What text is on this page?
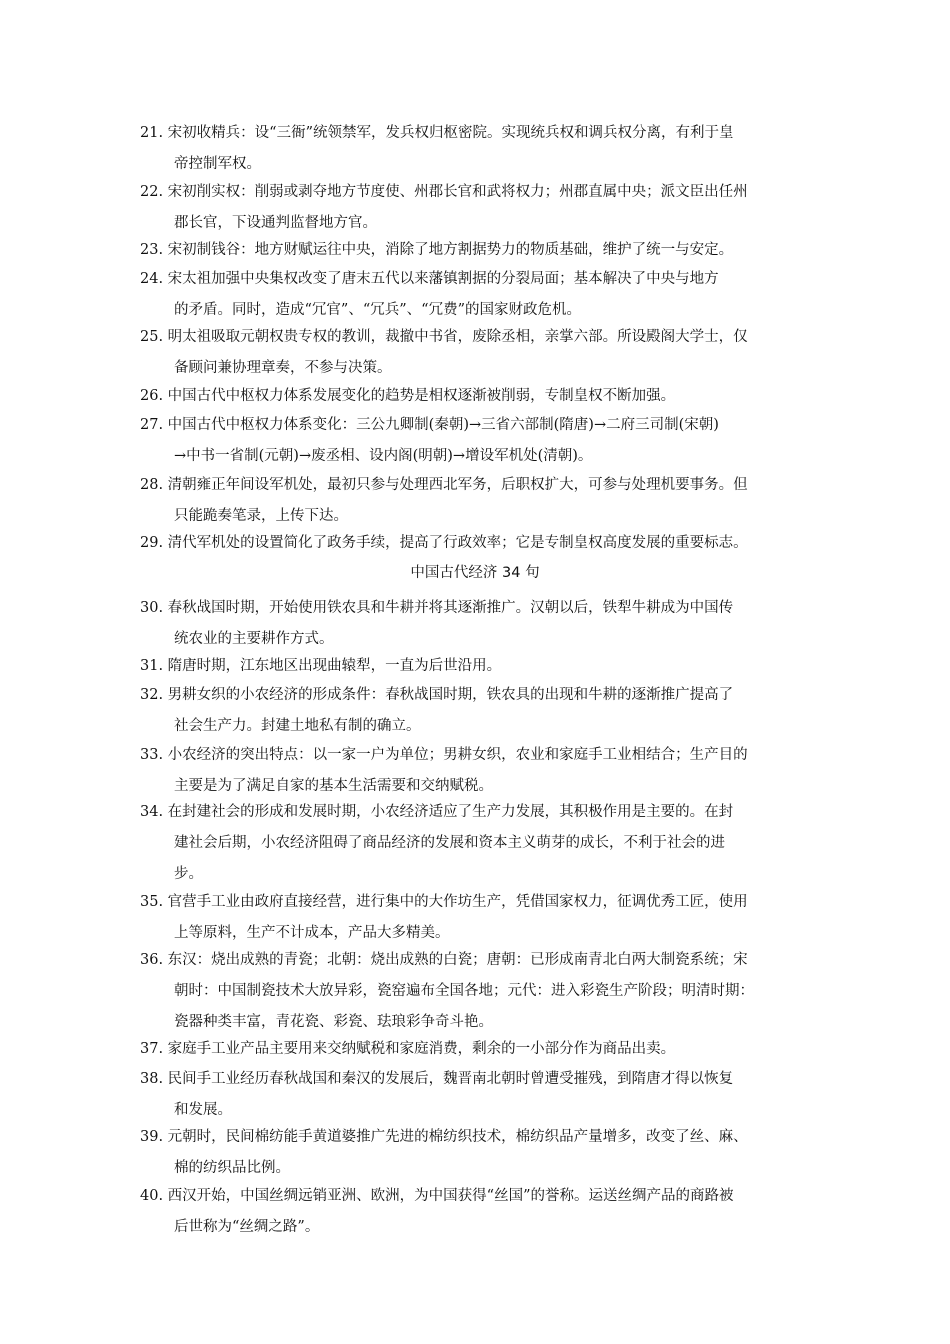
21. 宋初收精兵：设“三衙”统领禁军，发兵权归枢密院。实现统兵权和调兵权分离，有利于皇
帝控制军权。
22. 宋初削实权：削弱或剥夺地方节度使、州郡长官和武将权力；州郡直属中央；派文臣出任州
郡长官，下设通判监督地方官。
23. 宋初制钱谷：地方财赋运往中央，消除了地方割据势力的物质基础，维护了统一与安定。
24. 宋太祖加强中央集权改变了唐末五代以来藩镇割据的分裂局面；基本解决了中央与地方
的矛盾。同时，造成“冗官”、“冗兵”、“冗费”的国家财政危机。
25. 明太祖吸取元朝权贵专权的教训，裁撤中书省，废除丞相，亲掌六部。所设殿阁大学士，仅
备顾问兼协理章奏，不参与决策。
26. 中国古代中枢权力体系发展变化的趋势是相权逐渐被削弱，专制皇权不断加强。
27. 中国古代中枢权力体系变化：三公九卿制(秦朝)→三省六部制(隋唐)→二府三司制(宋朝)
→中书一省制(元朝)→废丞相、设内阁(明朝)→增设军机处(清朝)。
28. 清朝雍正年间设军机处，最初只参与处理西北军务，后职权扩大，可参与处理机要事务。但
只能跪奏笔录，上传下达。
29. 清代军机处的设置简化了政务手续，提高了行政效率；它是专制皇权高度发展的重要标志。
30. 春秋战国时期，开始使用铁农具和牛耕并将其逐渐推广。汉朝以后，铁犁牛耕成为中国传
统农业的主要耕作方式。
31. 隋唐时期，江东地区出现曲辕犁，一直为后世沿用。
32. 男耕女织的小农经济的形成条件：春秋战国时期，铁农具的出现和牛耕的逐渐推广提高了
社会生产力。封建土地私有制的确立。
33. 小农经济的突出特点：以一家一户为单位；男耕女织，农业和家庭手工业相结合；生产目的
主要是为了满足自家的基本生活需要和交纳赋税。
34. 在封建社会的形成和发展时期，小农经济适应了生产力发展，其积极作用是主要的。在封
建社会后期，小农经济阻碍了商品经济的发展和资本主义萌芽的成长，不利于社会的进
步。
35. 官营手工业由政府直接经营，进行集中的大作坊生产，凭借国家权力，征调优秀工匠，使用
上等原料，生产不计成本，产品大多精美。
36. 东汉：烧出成熟的青瓷；北朝：烧出成熟的白瓷；唐朝：已形成南青北白两大制瓷系统；宋
朝时：中国制瓷技术大放异彩，瓷窑遍布全国各地；元代：进入彩瓷生产阶段；明清时期：
瓷器种类丰富，青花瓷、彩瓷、珐琅彩争奇斗艳。
37. 家庭手工业产品主要用来交纳赋税和家庭消费，剩余的一小部分作为商品出卖。
38. 民间手工业经历春秋战国和秦汉的发展后，魏晋南北朝时曾遭受摧残，到隋唐才得以恢复
和发展。
39. 元朝时，民间棉纺能手黄道婆推广先进的棉纺织技术，棉纺织品产量增多，改变了丝、麻、
棉的纺织品比例。
40. 西汉开始，中国丝绸远销亚洲、欧洲，为中国获得“丝国”的誉称。运送丝绸产品的商路被
后世称为“丝绸之路”。
中国古代经济 34 句
